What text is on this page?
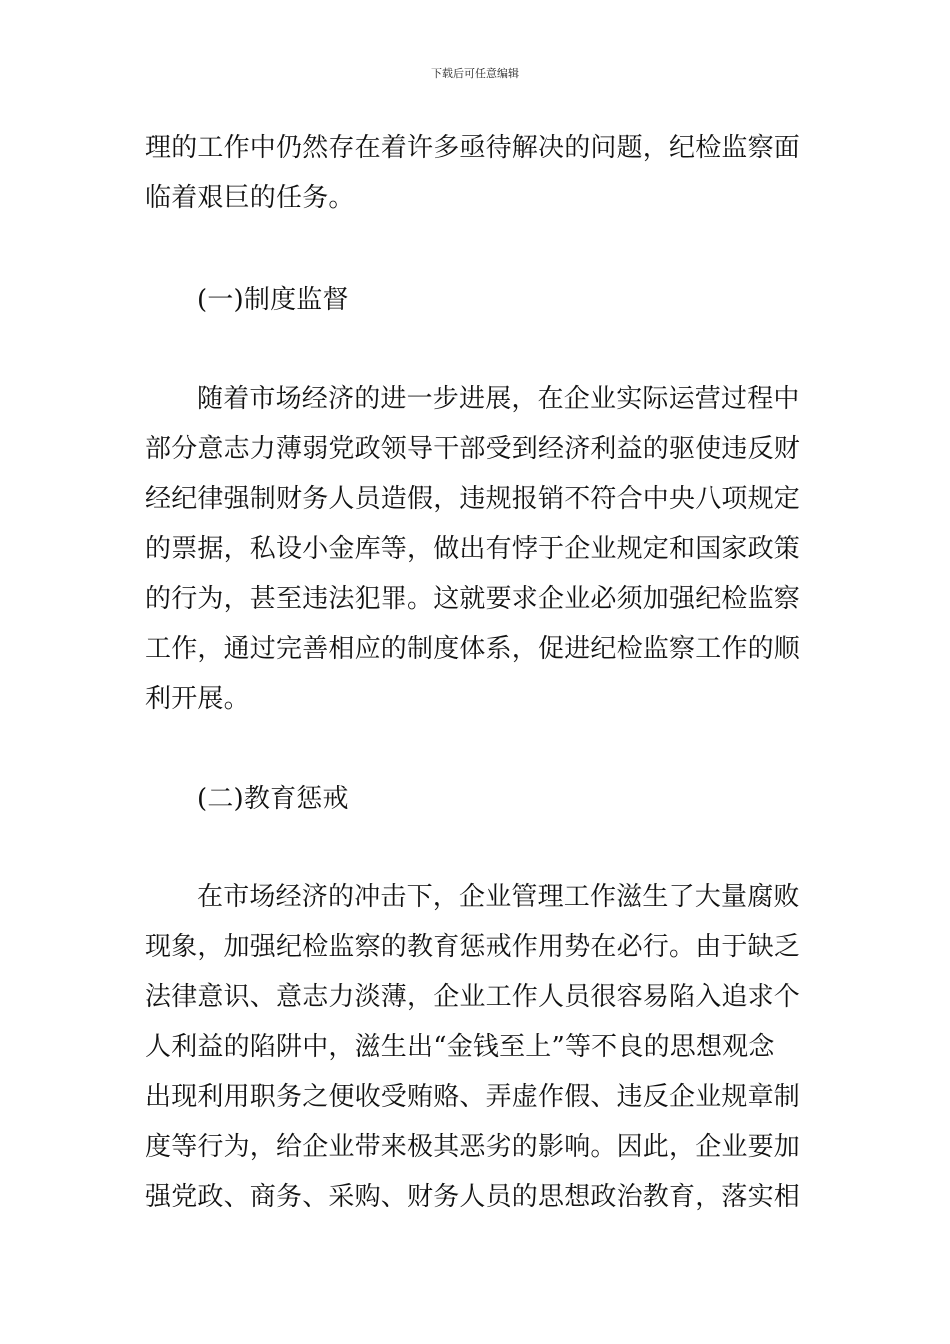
下载后可任意编辑
理的工作中仍然存在着许多亟待解决的问题，纪检监察面
临着艰巨的任务。
(一)制度监督
随着市场经济的进一步进展，在企业实际运营过程中
部分意志力薄弱党政领导干部受到经济利益的驱使违反财
经纪律强制财务人员造假，违规报销不符合中央八项规定
的票据，私设小金库等，做出有悖于企业规定和国家政策
的行为，甚至违法犯罪。这就要求企业必须加强纪检监察
工作，通过完善相应的制度体系，促进纪检监察工作的顺
利开展。
(二)教育惩戒
在市场经济的冲击下，企业管理工作滋生了大量腐败
现象，加强纪检监察的教育惩戒作用势在必行。由于缺乏
法律意识、意志力淡薄，企业工作人员很容易陷入追求个
人利益的陷阱中，滋生出“金钱至上”等不良的思想观念
出现利用职务之便收受贿赂、弄虚作假、违反企业规章制
度等行为，给企业带来极其恶劣的影响。因此，企业要加
强党政、商务、采购、财务人员的思想政治教育，落实相
